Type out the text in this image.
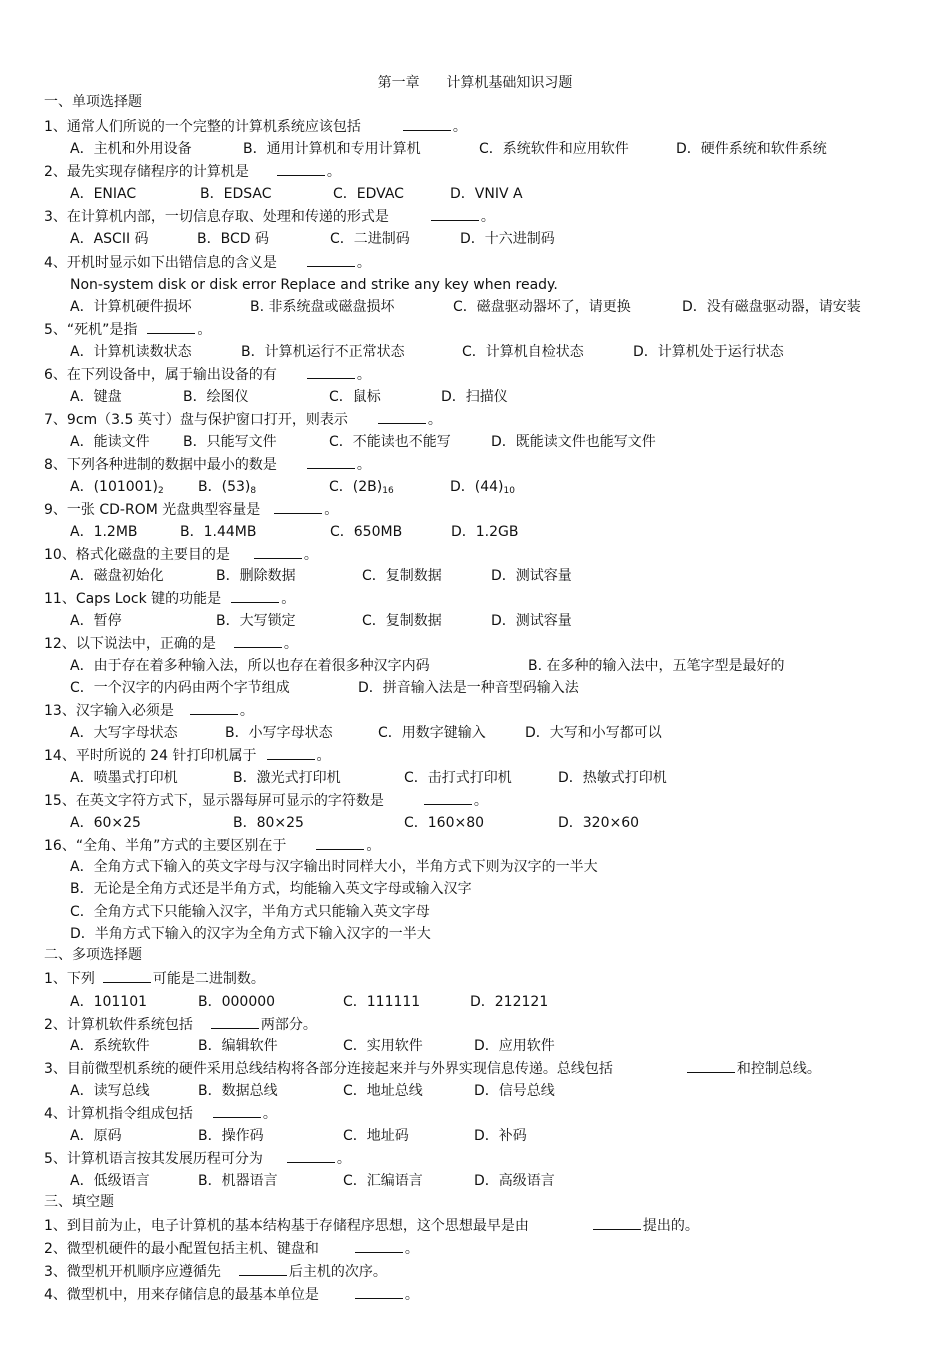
第一章      计算机基础知识习题
一、单项选择题
1、通常人们所说的一个完整的计算机系统应该包括	。
A．主机和外用设备	B．通用计算机和专用计算机	C．系统软件和应用软件	D．硬件系统和软件系统
2、最先实现存储程序的计算机是	。
A．ENIAC	B．EDSAC	C．EDVAC	D．VNIV A
3、在计算机内部，一切信息存取、处理和传递的形式是	。
A．ASCII 码	B．BCD 码	C．二进制码	D．十六进制码
4、开机时显示如下出错信息的含义是	。
Non-system disk or disk error Replace and strike any key when ready.
A．计算机硬件损坏	B. 非系统盘或磁盘损坏	C．磁盘驱动器坏了，请更换	D．没有磁盘驱动器，请安装
5、“死机”是指	。
A．计算机读数状态	B．计算机运行不正常状态	C．计算机自检状态	D．计算机处于运行状态
6、在下列设备中，属于输出设备的有	。
A．键盘	B．绘图仪	C．鼠标	D．扫描仪
7、9cm（3.5 英寸）盘与保护窗口打开，则表示	。
A．能读文件 B．只能写文件	C．不能读也不能写	D．既能读文件也能写文件
8、下列各种进制的数据中最小的数是	。
A．$(101001)_2$ B．$(53)_8$	C．$(2B)_{16}$	D．$(44)_{10}$
9、一张 CD-ROM 光盘典型容量是	。
A．1.2MB	B．1.44MB	C．650MB	D．1.2GB
10、格式化磁盘的主要目的是	。
A．磁盘初始化	B．删除数据	C．复制数据	D．测试容量
11、Caps Lock 键的功能是	。
A．暂停	B．大写锁定	C．复制数据	D．测试容量
12、以下说法中，正确的是	。
A．由于存在着多种输入法，所以也存在着很多种汉字内码	B. 在多种的输入法中，五笔字型是最好的
C．一个汉字的内码由两个字节组成	D．拼音输入法是一种音型码输入法
13、汉字输入必须是	。
A．大写字母状态	B．小写字母状态	C．用数字键输入	D．大写和小写都可以
14、平时所说的 24 针打印机属于	。
A．喷墨式打印机	B．激光式打印机	C．击打式打印机	D．热敏式打印机
15、在英文字符方式下，显示器每屏可显示的字符数是	。
A．60×25	B．80×25	C．160×80	D．320×60
16、“全角、半角”方式的主要区别在于	。
A．全角方式下输入的英文字母与汉字输出时同样大小，半角方式下则为汉字的一半大
B．无论是全角方式还是半角方式，均能输入英文字母或输入汉字
C．全角方式下只能输入汉字，半角方式只能输入英文字母
D．半角方式下输入的汉字为全角方式下输入汉字的一半大
二、多项选择题
1、下列	可能是二进制数。
A．101101	B．000000	C．111111	D．212121
2、计算机软件系统包括	两部分。
A．系统软件	B．编辑软件	C．实用软件	D．应用软件
3、目前微型机系统的硬件采用总线结构将各部分连接起来并与外界实现信息传递。总线包括	和控制总线。
A．读写总线	B．数据总线	C．地址总线	D．信号总线
4、计算机指令组成包括	。
A．原码	B．操作码	C．地址码	D．补码
5、计算机语言按其发展历程可分为	。
A．低级语言	B．机器语言	C．汇编语言	D．高级语言
三、填空题
1、到目前为止，电子计算机的基本结构基于存储程序思想，这个思想最早是由	提出的。
2、微型机硬件的最小配置包括主机、键盘和	。
3、微型机开机顺序应遵循先	后主机的次序。
4、微型机中，用来存储信息的最基本单位是	。
